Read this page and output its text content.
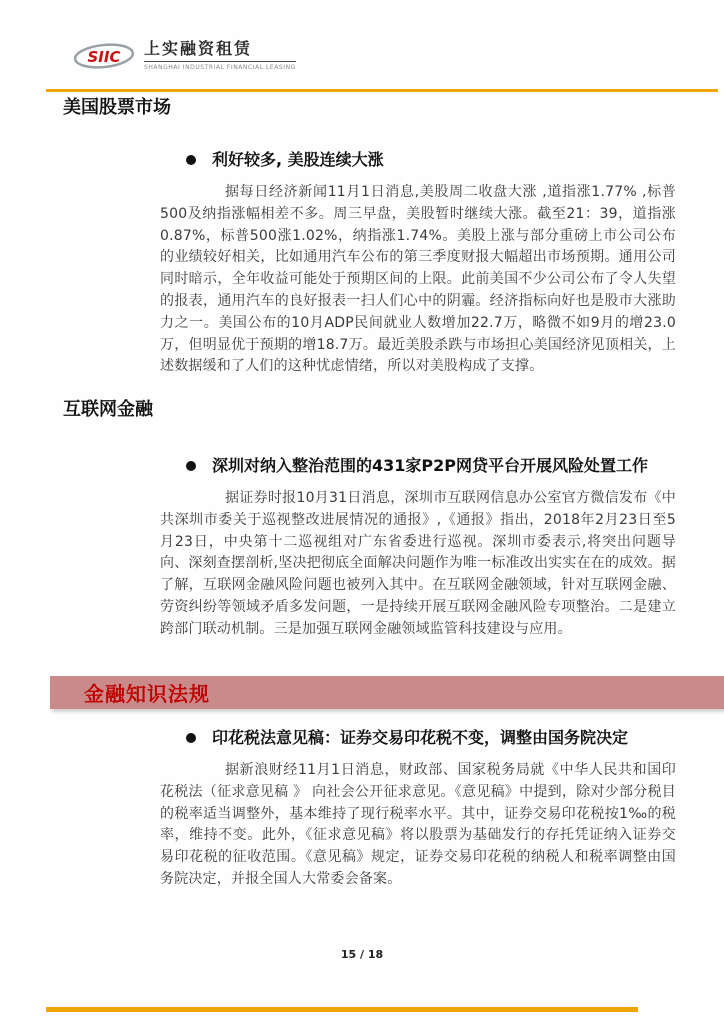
SIIC 上实融资租赁
SHANGHAI INDUSTRIAL FINANCIAL LEASING
美国股票市场
利好较多, 美股连续大涨
据每日经济新闻11月1日消息,美股周二收盘大涨 ,道指涨1.77% ,标普500及纳指涨幅相差不多。周三早盘，美股暂时继续大涨。截至21：39，道指涨0.87%，标普500涨1.02%，纳指涨1.74%。美股上涨与部分重磅上市公司公布的业绩较好相关，比如通用汽车公布的第三季度财报大幅超出市场预期。通用公司同时暗示，全年收益可能处于预期区间的上限。此前美国不少公司公布了令人失望的报表，通用汽车的良好报表一扫人们心中的阴霾。经济指标向好也是股市大涨助力之一。美国公布的10月ADP民间就业人数增加22.7万，略微不如9月的增23.0万，但明显优于预期的增18.7万。最近美股杀跌与市场担心美国经济见顶相关，上述数据缓和了人们的这种忧虑情绪，所以对美股构成了支撑。
互联网金融
深圳对纳入整治范围的431家P2P网贷平台开展风险处置工作
据证券时报10月31日消息，深圳市互联网信息办公室官方微信发布《中共深圳市委关于巡视整改进展情况的通报》,《通报》指出，2018年2月23日至5月23日，中央第十二巡视组对广东省委进行巡视。深圳市委表示,将突出问题导向、深刻查摆剖析,坚决把彻底全面解决问题作为唯一标准改出实实在在的成效。据了解，互联网金融风险问题也被列入其中。在互联网金融领域，针对互联网金融、劳资纠纷等领域矛盾多发问题，一是持续开展互联网金融风险专项整治。二是建立跨部门联动机制。三是加强互联网金融领域监管科技建设与应用。
金融知识法规
印花税法意见稿：证券交易印花税不变，调整由国务院决定
据新浪财经11月1日消息，财政部、国家税务局就《中华人民共和国印花税法（征求意见稿 》 向社会公开征求意见。《意见稿》中提到，除对少部分税目的税率适当调整外，基本维持了现行税率水平。其中，证券交易印花税按1‰的税率，维持不变。此外，《征求意见稿》将以股票为基础发行的存托凭证纳入证券交易印花税的征收范围。《意见稿》规定，证券交易印花税的纳税人和税率调整由国务院决定，并报全国人大常委会备案。
15 / 18
